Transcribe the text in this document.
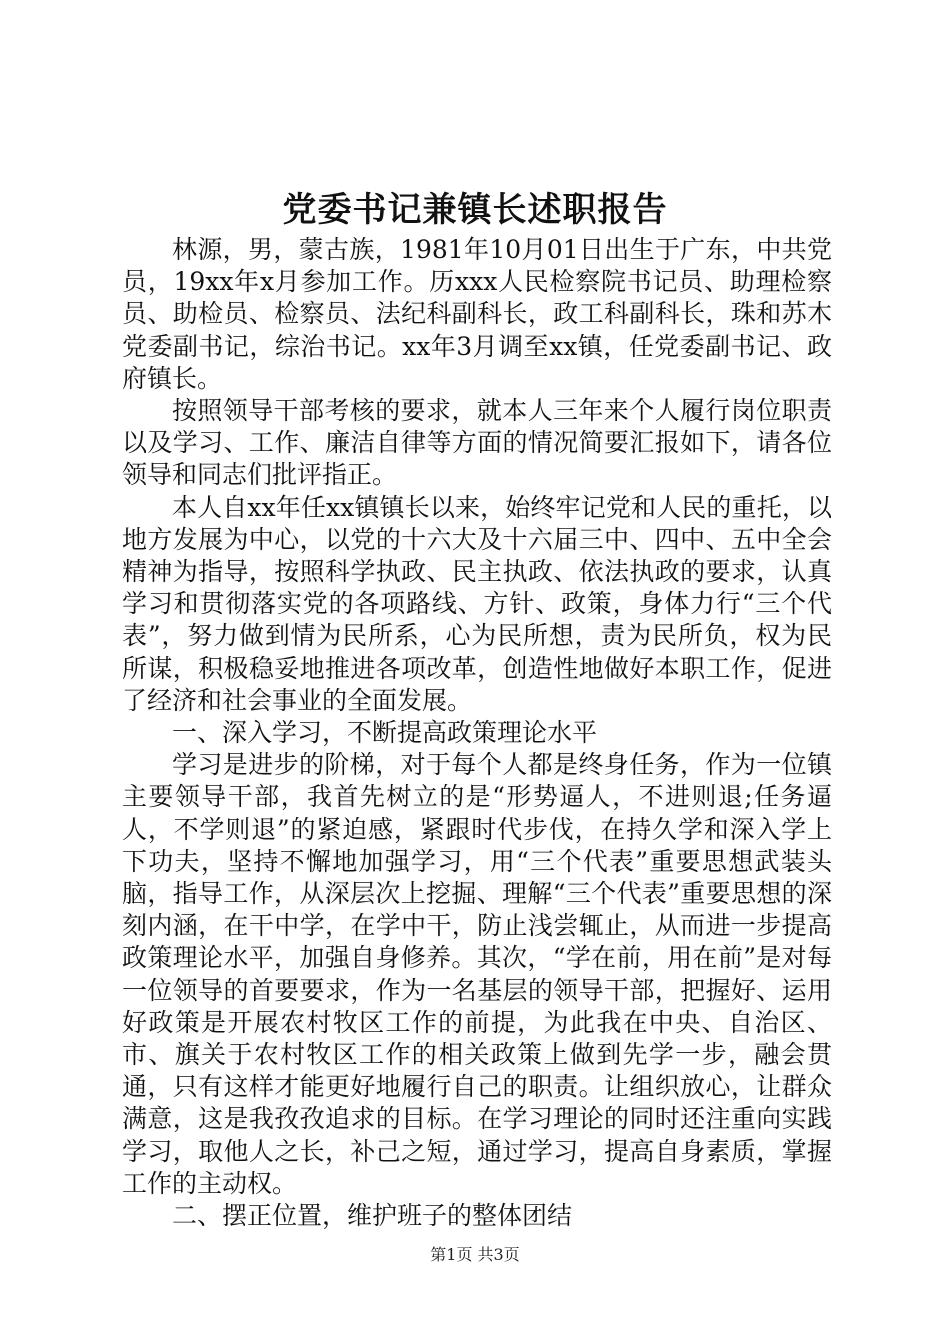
党委书记兼镇长述职报告

林源，男，蒙古族，1981年10月01日出生于广东，中共党员，19xx年x月参加工作。历xxx人民检察院书记员、助理检察员、助检员、检察员、法纪科副科长，政工科副科长，珠和苏木党委副书记，综治书记。xx年3月调至xx镇，任党委副书记、政府镇长。

按照领导干部考核的要求，就本人三年来个人履行岗位职责以及学习、工作、廉洁自律等方面的情况简要汇报如下，请各位领导和同志们批评指正。

本人自xx年任xx镇镇长以来，始终牢记党和人民的重托，以地方发展为中心，以党的十六大及十六届三中、四中、五中全会精神为指导，按照科学执政、民主执政、依法执政的要求，认真学习和贯彻落实党的各项路线、方针、政策，身体力行“三个代表”，努力做到情为民所系，心为民所想，责为民所负，权为民所谋，积极稳妥地推进各项改革，创造性地做好本职工作，促进了经济和社会事业的全面发展。

一、深入学习，不断提高政策理论水平

学习是进步的阶梯，对于每个人都是终身任务，作为一位镇主要领导干部，我首先树立的是“形势逼人，不进则退;任务逼人，不学则退”的紧迫感，紧跟时代步伐，在持久学和深入学上下功夫，坚持不懈地加强学习，用“三个代表”重要思想武装头脑，指导工作，从深层次上挖掘、理解“三个代表”重要思想的深刻内涵，在干中学，在学中干，防止浅尝辄止，从而进一步提高政策理论水平，加强自身修养。其次，“学在前，用在前”是对每一位领导的首要要求，作为一名基层的领导干部，把握好、运用好政策是开展农村牧区工作的前提，为此我在中央、自治区、市、旗关于农村牧区工作的相关政策上做到先学一步，融会贯通，只有这样才能更好地履行自己的职责。让组织放心，让群众满意，这是我孜孜追求的目标。在学习理论的同时还注重向实践学习，取他人之长，补己之短，通过学习，提高自身素质，掌握工作的主动权。

二、摆正位置，维护班子的整体团结

第1页 共3页
